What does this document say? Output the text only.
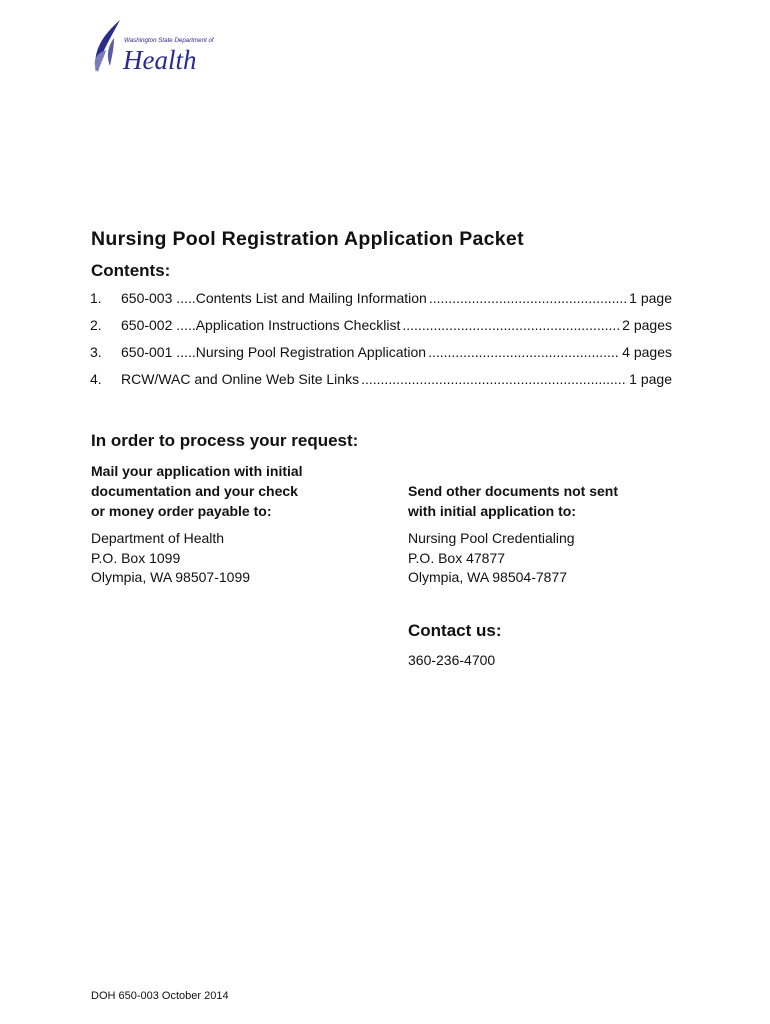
Washington State Department of
Health
Nursing Pool Registration Application Packet
Contents:
1.	650-003 .....Contents List and Mailing Information .....	1 page
2.	650-002 .....Application Instructions Checklist .....	2 pages
3.	650-001 .....Nursing Pool Registration Application .....	4 pages
4.	RCW/WAC and Online Web Site Links .....	1 page
In order to process your request:

Mail your application with initial
documentation and your check
or money order payable to:

Department of Health
P.O. Box 1099
Olympia, WA 98507-1099

Send other documents not sent
with initial application to:

Nursing Pool Credentialing
P.O. Box 47877
Olympia, WA 98504-7877
Contact us:
360-236-4700
DOH 650-003 October 2014
